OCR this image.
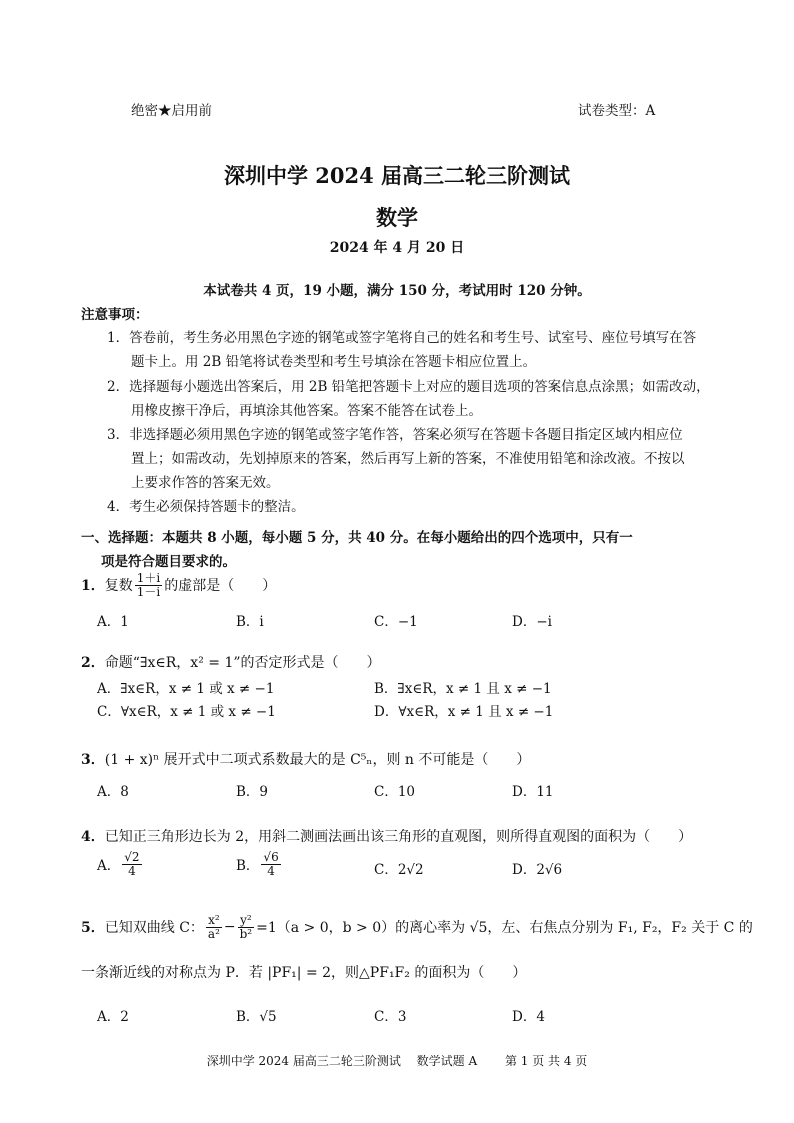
绝密★启用前	试卷类型：A
深圳中学 2024 届高三二轮三阶测试
数学
2024 年 4 月 20 日
本试卷共 4 页，19 小题，满分 150 分，考试用时 120 分钟。
注意事项：
1．答卷前，考生务必用黑色字迹的钢笔或签字笔将自己的姓名和考生号、试室号、座位号填写在答
题卡上。用 2B 铅笔将试卷类型和考生号填涂在答题卡相应位置上。
2．选择题每小题选出答案后，用 2B 铅笔把答题卡上对应的题目选项的答案信息点涂黑；如需改动，
用橡皮擦干净后，再填涂其他答案。答案不能答在试卷上。
3．非选择题必须用黑色字迹的钢笔或签字笔作答，答案必须写在答题卡各题目指定区域内相应位
置上；如需改动，先划掉原来的答案，然后再写上新的答案，不准使用铅笔和涂改液。不按以
上要求作答的答案无效。
4．考生必须保持答题卡的整洁。
一、选择题：本题共 8 小题，每小题 5 分，共 40 分。在每小题给出的四个选项中，只有一
项是符合题目要求的。
1． 复数 $\frac{1+i}{1-i}$ 的虚部是（　　）
A．1	B．i	C．−1	D．−i
2．命题“∃x∈R，x² = 1”的否定形式是（　　）
A．∃x∈R，x ≠ 1 或 x ≠ −1	B．∃x∈R，x ≠ 1 且 x ≠ −1
C．∀x∈R，x ≠ 1 或 x ≠ −1	D．∀x∈R，x ≠ 1 且 x ≠ −1
3．(1 + x)ⁿ 展开式中二项式系数最大的是 C⁵ₙ，则 n 不可能是（　　）
A．8	B．9	C．10	D．11
4．已知正三角形边长为 2，用斜二测画法画出该三角形的直观图，则所得直观图的面积为（　　）
A． $\frac{√2}{4}$	B． $\frac{√6}{4}$	C．2√2	D．2√6
5． 已知双曲线 C： $\frac{\text{x²}}{\text{a²}} - \frac{\text{y²}}{\text{b²}} =1(a > 0$，b > 0）的离心率为 √5，左、右焦点分别为 F₁, F₂，F₂ 关于 C 的
一条渐近线的对称点为 P．若 |PF₁| = 2，则△PF₁F₂ 的面积为（　　）
A．2	B．√5	C．3	D．4
深圳中学 2024 届高三二轮三阶测试　 数学试题 A　　 第 1 页 共 4 页
